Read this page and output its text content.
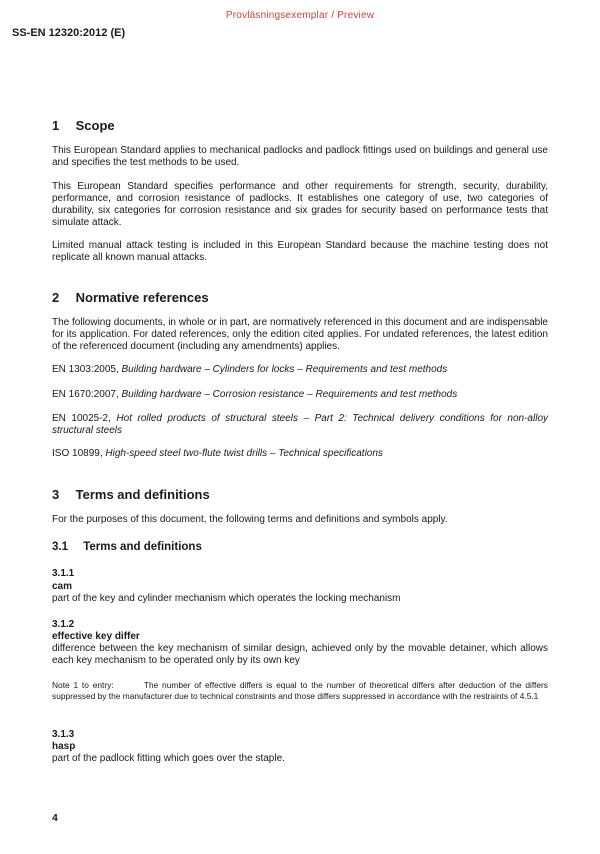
Provläsningsexemplar / Preview
SS-EN 12320:2012 (E)
1 Scope

This European Standard applies to mechanical padlocks and padlock fittings used on buildings and general use and specifies the test methods to be used.

This European Standard specifies performance and other requirements for strength, security, durability, performance, and corrosion resistance of padlocks. It establishes one category of use, two categories of durability, six categories for corrosion resistance and six grades for security based on performance tests that simulate attack.

Limited manual attack testing is included in this European Standard because the machine testing does not replicate all known manual attacks.

2 Normative references

The following documents, in whole or in part, are normatively referenced in this document and are indispensable for its application. For dated references, only the edition cited applies. For undated references, the latest edition of the referenced document (including any amendments) applies.

EN 1303:2005, Building hardware – Cylinders for locks – Requirements and test methods

EN 1670:2007, Building hardware – Corrosion resistance – Requirements and test methods

EN 10025-2, Hot rolled products of structural steels – Part 2: Technical delivery conditions for non-alloy structural steels

ISO 10899, High-speed steel two-flute twist drills – Technical specifications

3 Terms and definitions

For the purposes of this document, the following terms and definitions and symbols apply.

3.1 Terms and definitions
3.1.1
cam

part of the key and cylinder mechanism which operates the locking mechanism

3.1.2
effective key differ

difference between the key mechanism of similar design, achieved only by the movable detainer, which allows each key mechanism to be operated only by its own key

Note 1 to entry:        The number of effective differs is equal to the number of theoretical differs after deduction of the differs suppressed by the manufacturer due to technical constraints and those differs suppressed in accordance with the restraints of 4.5.1

3.1.3
hasp

part of the padlock fitting which goes over the staple.

4
